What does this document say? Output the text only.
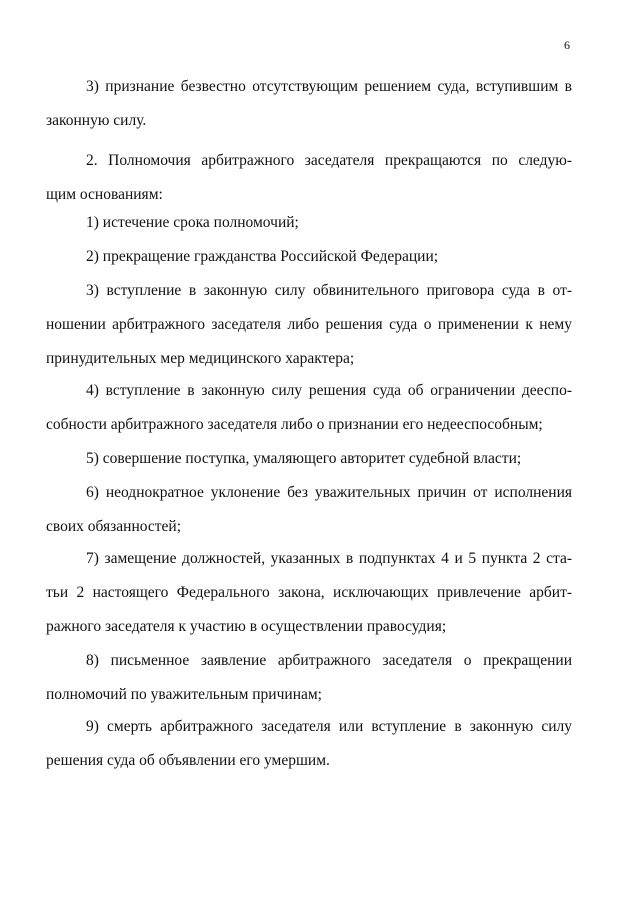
6

3) признание безвестно отсутствующим решением суда, вступившим в
законную силу.

2. Полномочия арбитражного заседателя прекращаются по следую-
щим основаниям:

1) истечение срока полномочий;

2) прекращение гражданства Российской Федерации;

3) вступление в законную силу обвинительного приговора суда в от-
ношении арбитражного заседателя либо решения суда о применении к нему
принудительных мер медицинского характера;

4) вступление в законную силу решения суда об ограничении дееспо-
собности арбитражного заседателя либо о признании его недееспособным;

5) совершение поступка, умаляющего авторитет судебной власти;

6) неоднократное уклонение без уважительных причин от исполнения
своих обязанностей;

7) замещение должностей, указанных в подпунктах 4 и 5 пункта 2 ста-
тьи 2 настоящего Федерального закона, исключающих привлечение арбит-
ражного заседателя к участию в осуществлении правосудия;

8) письменное заявление арбитражного заседателя о прекращении
полномочий по уважительным причинам;

9) смерть арбитражного заседателя или вступление в законную силу
решения суда об объявлении его умершим.
